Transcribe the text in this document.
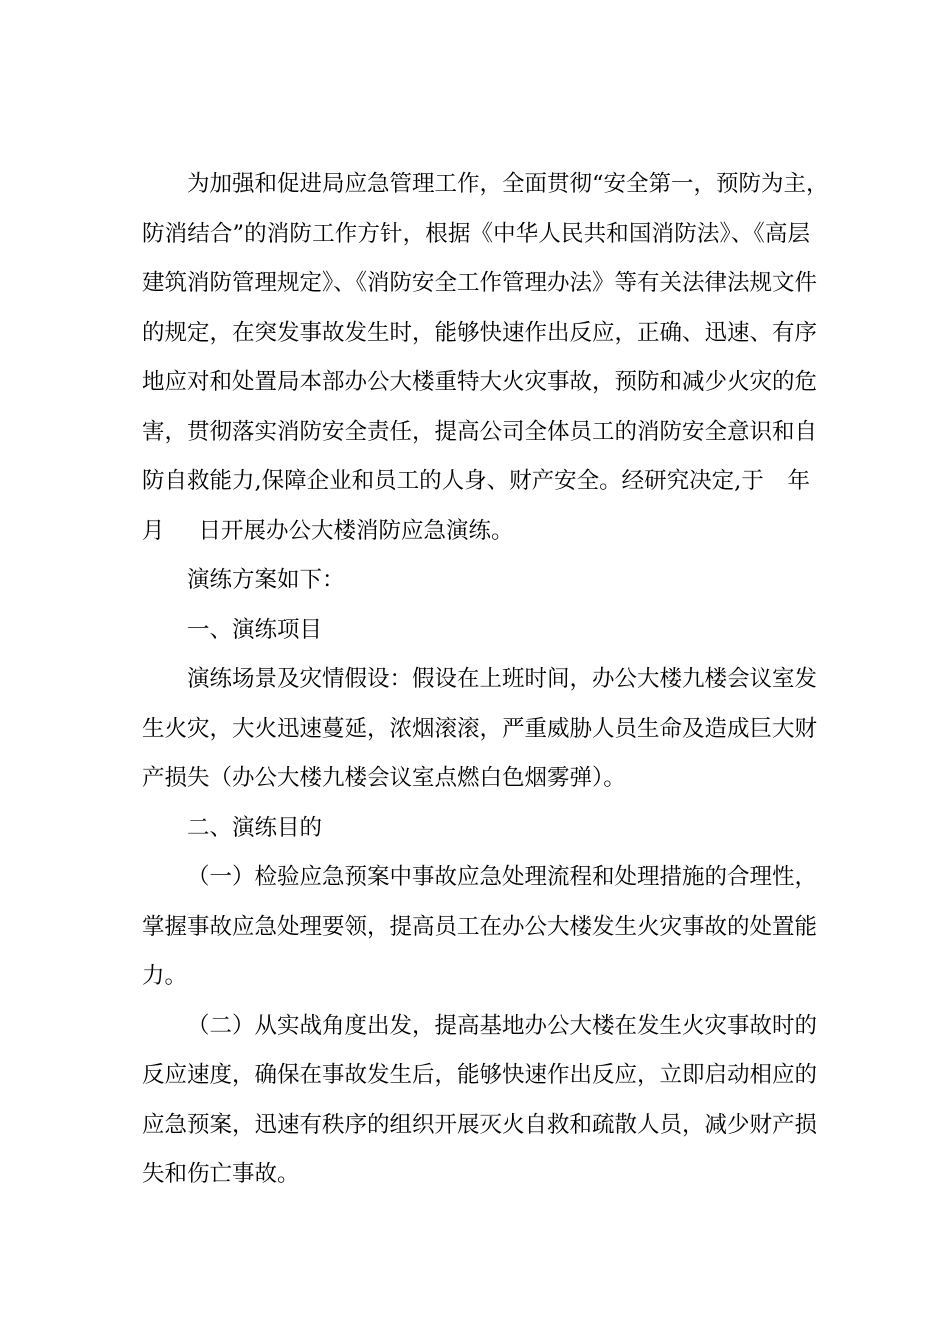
为加强和促进局应急管理工作，全面贯彻“安全第一，预防为主，
防消结合”的消防工作方针，根据《中华人民共和国消防法》、《高层
建筑消防管理规定》、《消防安全工作管理办法》等有关法律法规文件
的规定，在突发事故发生时，能够快速作出反应，正确、迅速、有序
地应对和处置局本部办公大楼重特大火灾事故，预防和减少火灾的危
害，贯彻落实消防安全责任，提高公司全体员工的消防安全意识和自
防自救能力,保障企业和员工的人身、财产安全。经研究决定,于 年
月 日开展办公大楼消防应急演练。
演练方案如下：
一、演练项目
演练场景及灾情假设：假设在上班时间，办公大楼九楼会议室发
生火灾，大火迅速蔓延，浓烟滚滚，严重威胁人员生命及造成巨大财
产损失（办公大楼九楼会议室点燃白色烟雾弹）。
二、演练目的
（一）检验应急预案中事故应急处理流程和处理措施的合理性，
掌握事故应急处理要领，提高员工在办公大楼发生火灾事故的处置能
力。
（二）从实战角度出发，提高基地办公大楼在发生火灾事故时的
反应速度，确保在事故发生后，能够快速作出反应，立即启动相应的
应急预案，迅速有秩序的组织开展灭火自救和疏散人员，减少财产损
失和伤亡事故。
